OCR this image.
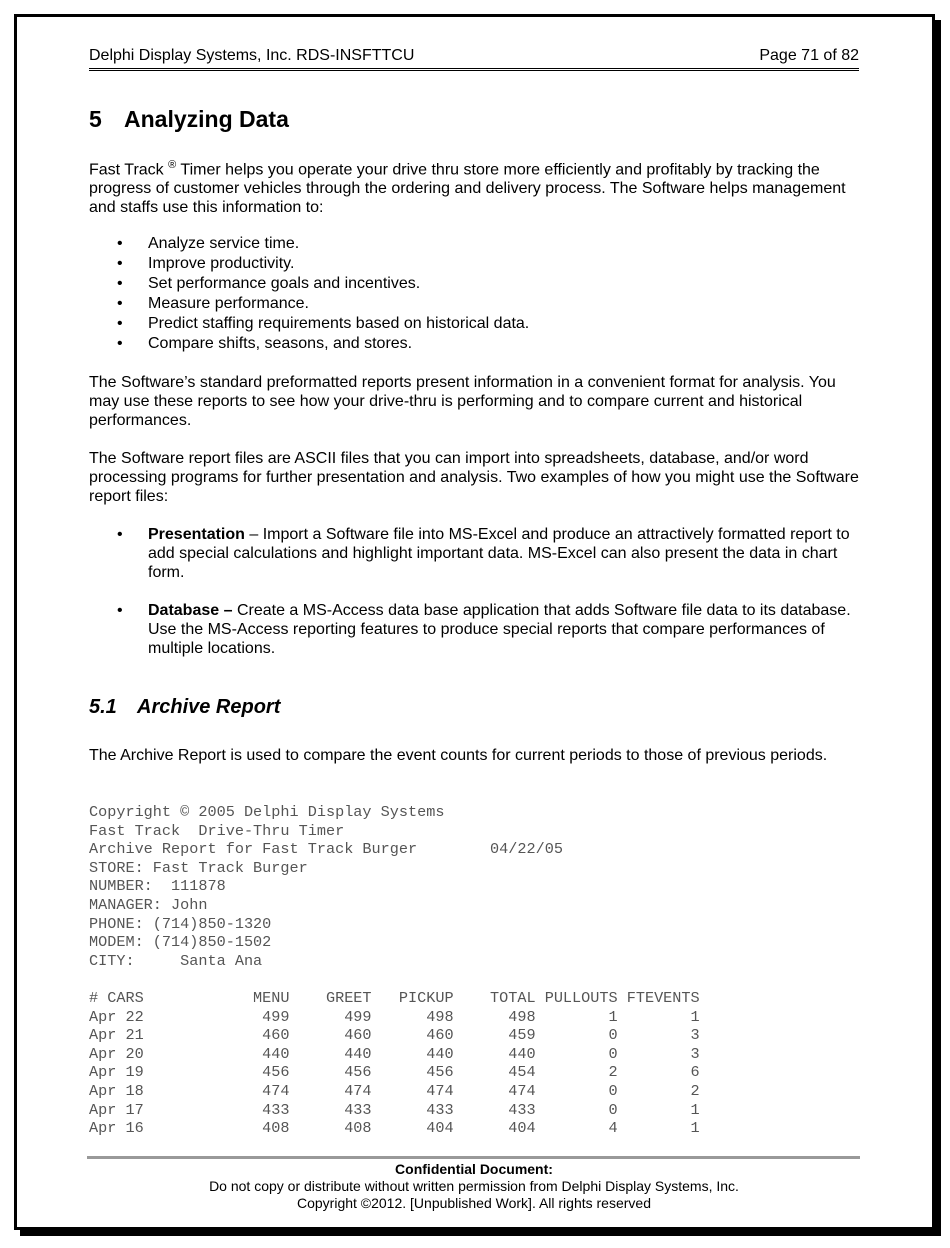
Delphi Display Systems, Inc. RDS-INSFTTCU	Page 71 of 82
5 Analyzing Data

Fast Track ® Timer helps you operate your drive thru store more efficiently and profitably by tracking the progress of customer vehicles through the ordering and delivery process. The Software helps management and staffs use this information to:

• Analyze service time.
• Improve productivity.
• Set performance goals and incentives.
• Measure performance.
• Predict staffing requirements based on historical data.
• Compare shifts, seasons, and stores.

The Software’s standard preformatted reports present information in a convenient format for analysis. You may use these reports to see how your drive-thru is performing and to compare current and historical performances.

The Software report files are ASCII files that you can import into spreadsheets, database, and/or word processing programs for further presentation and analysis. Two examples of how you might use the Software report files:

• Presentation – Import a Software file into MS-Excel and produce an attractively formatted report to add special calculations and highlight important data. MS-Excel can also present the data in chart form.
• Database – Create a MS-Access data base application that adds Software file data to its database. Use the MS-Access reporting features to produce special reports that compare performances of multiple locations.
5.1 Archive Report

The Archive Report is used to compare the event counts for current periods to those of previous periods.

Copyright © 2005 Delphi Display Systems
Fast Track  Drive-Thru Timer
Archive Report for Fast Track Burger        04/22/05
STORE: Fast Track Burger
NUMBER:  111878
MANAGER: John
PHONE: (714)850-1320
MODEM: (714)850-1502
CITY:     Santa Ana

# CARS            MENU    GREET   PICKUP    TOTAL PULLOUTS FTEVENTS
Apr 22             499      499      498      498        1        1
Apr 21             460      460      460      459        0        3
Apr 20             440      440      440      440        0        3
Apr 19             456      456      456      454        2        6
Apr 18             474      474      474      474        0        2
Apr 17             433      433      433      433        0        1
Apr 16             408      408      404      404        4        1
Confidential Document:
Do not copy or distribute without written permission from Delphi Display Systems, Inc.
Copyright ©2012. [Unpublished Work]. All rights reserved
